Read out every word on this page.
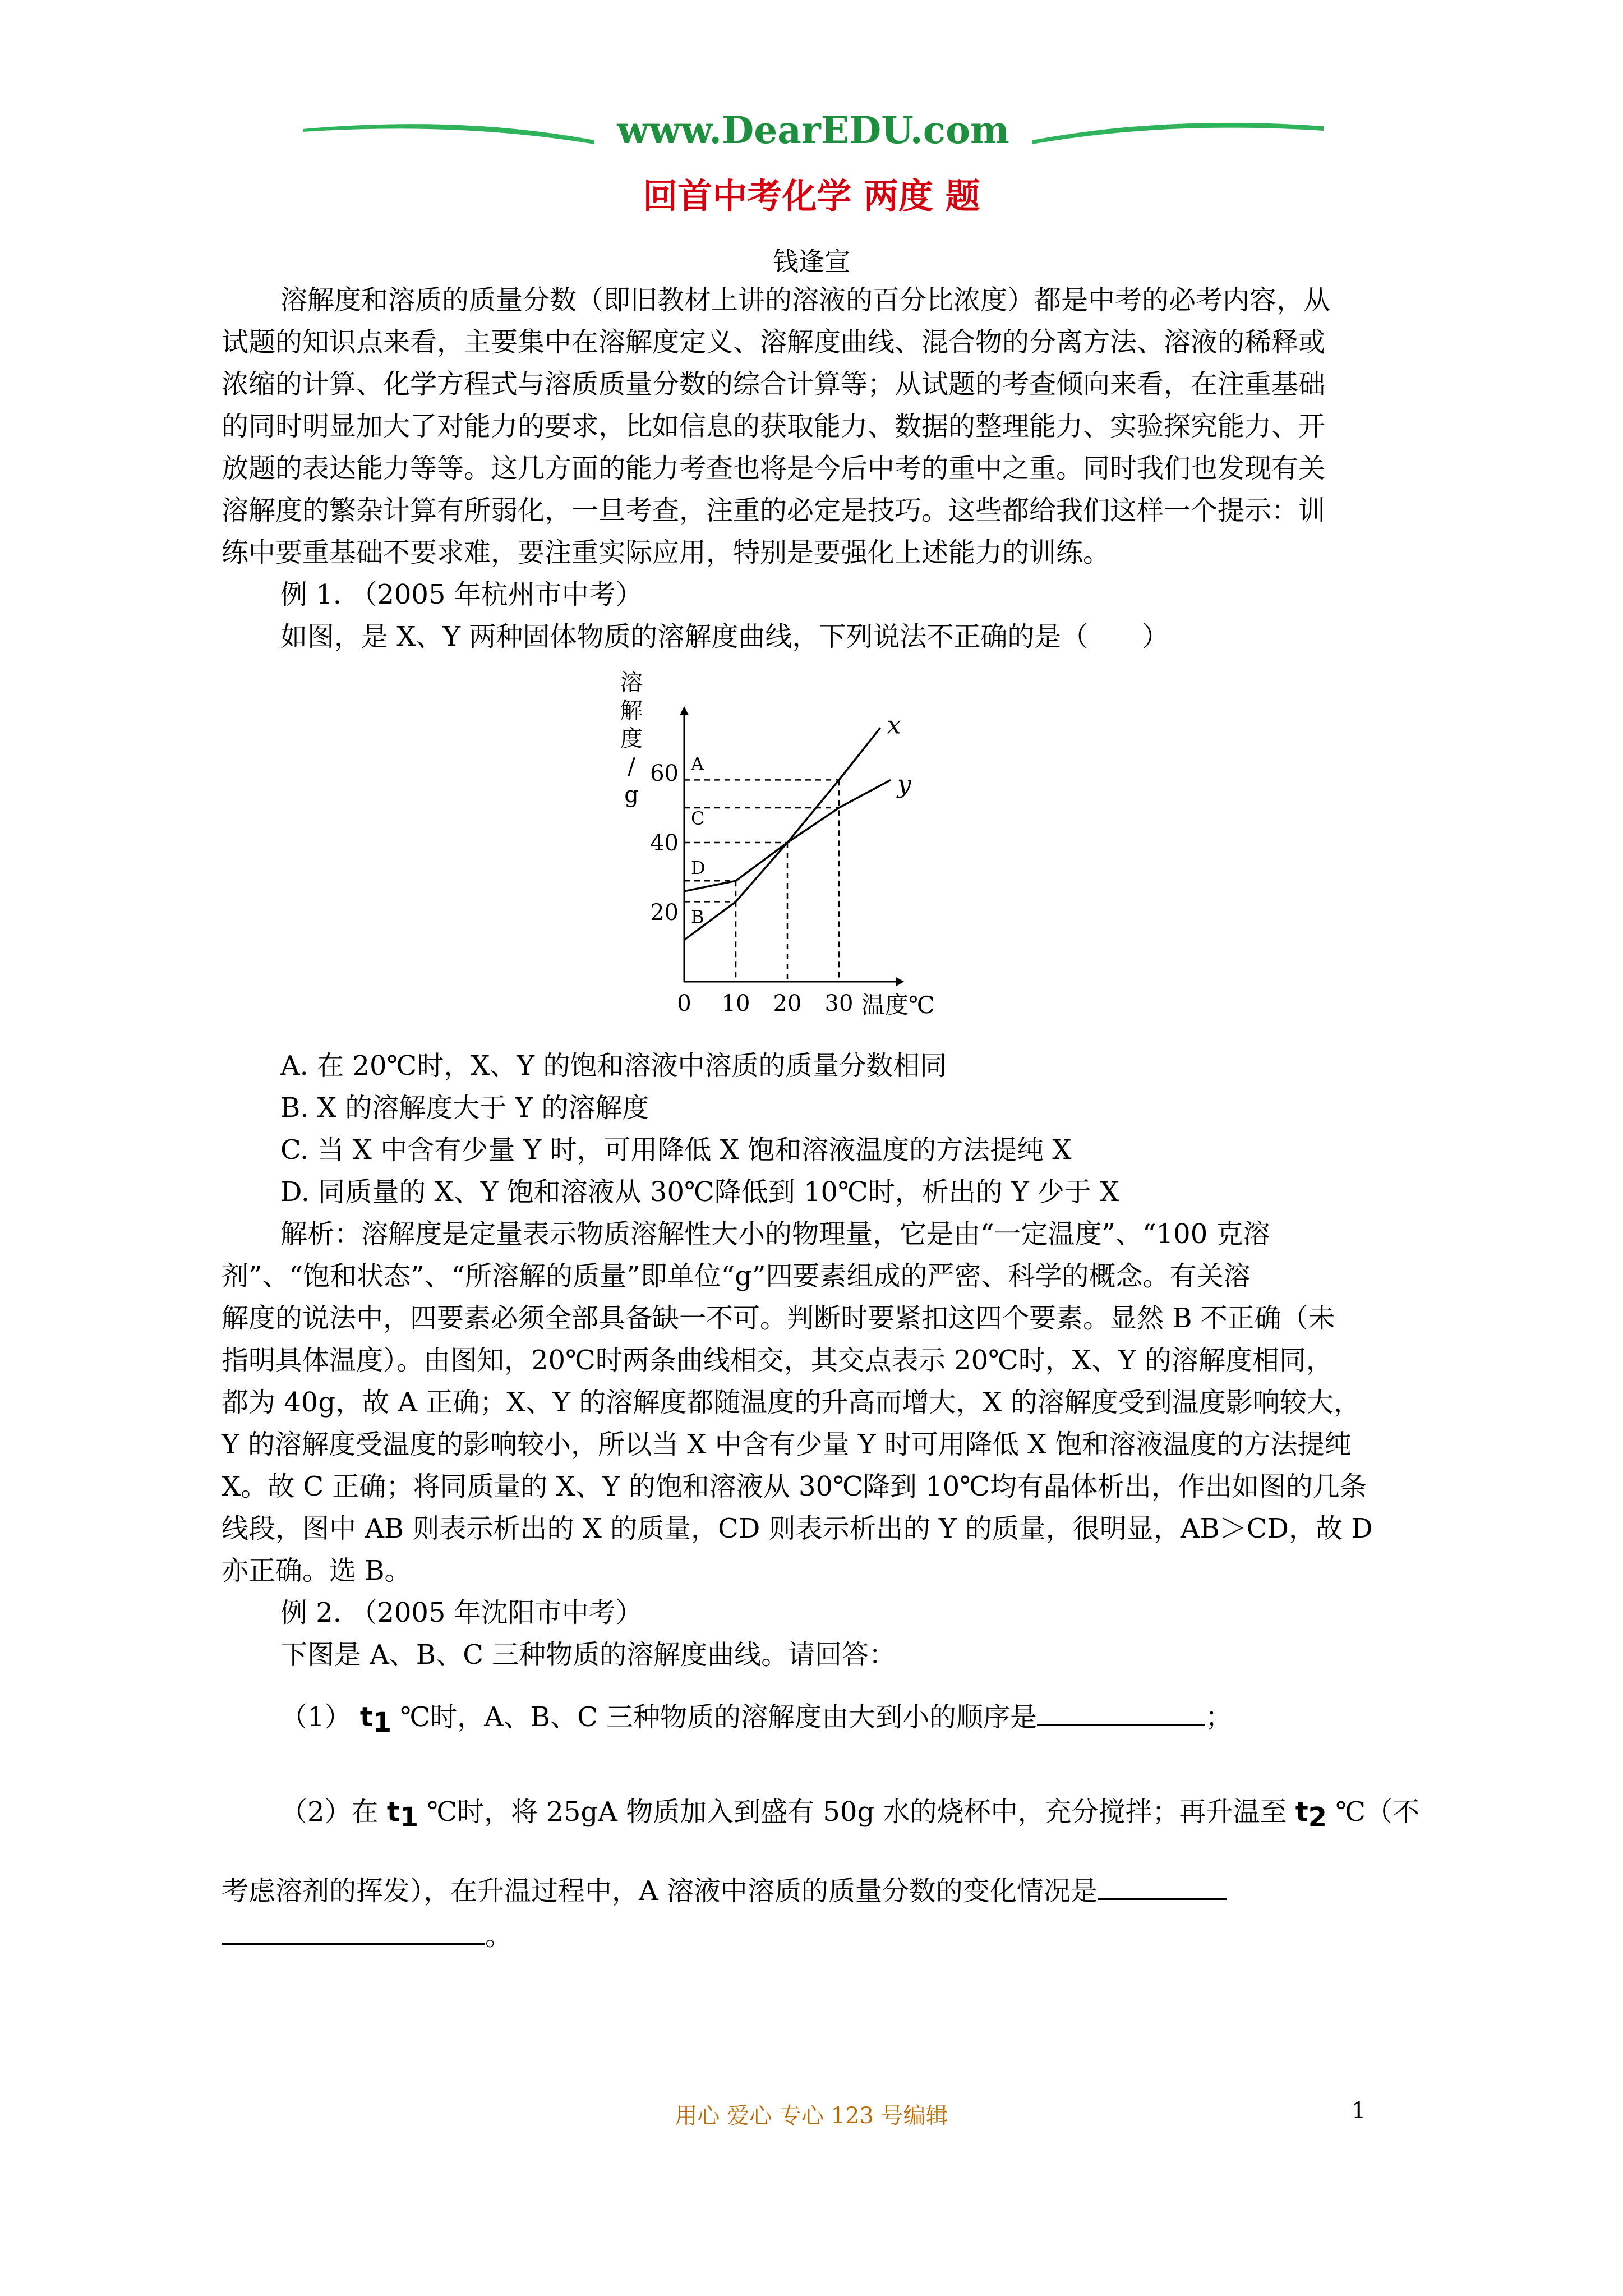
www.DearEDU.com
回首中考化学 两度 题
钱逢宣
溶解度和溶质的质量分数（即旧教材上讲的溶液的百分比浓度）都是中考的必考内容，从
试题的知识点来看，主要集中在溶解度定义、溶解度曲线、混合物的分离方法、溶液的稀释或
浓缩的计算、化学方程式与溶质质量分数的综合计算等；从试题的考查倾向来看，在注重基础
的同时明显加大了对能力的要求，比如信息的获取能力、数据的整理能力、实验探究能力、开
放题的表达能力等等。这几方面的能力考查也将是今后中考的重中之重。同时我们也发现有关
溶解度的繁杂计算有所弱化，一旦考查，注重的必定是技巧。这些都给我们这样一个提示：训
练中要重基础不要求难，要注重实际应用，特别是要强化上述能力的训练。
例 1. （2005 年杭州市中考）
如图，是 X、Y 两种固体物质的溶解度曲线，下列说法不正确的是（　　）
x
y
0 10 20 30
20
40
60 A
C
D
B
溶
解
度
/
g
温度℃
A. 在 20℃时，X、Y 的饱和溶液中溶质的质量分数相同
B. X 的溶解度大于 Y 的溶解度
C. 当 X 中含有少量 Y 时，可用降低 X 饱和溶液温度的方法提纯 X
D. 同质量的 X、Y 饱和溶液从 30℃降低到 10℃时，析出的 Y 少于 X
解析：溶解度是定量表示物质溶解性大小的物理量，它是由“一定温度”、“100 克溶
剂”、“饱和状态”、“所溶解的质量”即单位“g”四要素组成的严密、科学的概念。有关溶
解度的说法中，四要素必须全部具备缺一不可。判断时要紧扣这四个要素。显然 B 不正确（未
指明具体温度）。由图知，20℃时两条曲线相交，其交点表示 20℃时，X、Y 的溶解度相同，
都为 40g，故 A 正确；X、Y 的溶解度都随温度的升高而增大，X 的溶解度受到温度影响较大，
Y 的溶解度受温度的影响较小，所以当 X 中含有少量 Y 时可用降低 X 饱和溶液温度的方法提纯
X。故 C 正确；将同质量的 X、Y 的饱和溶液从 30℃降到 10℃均有晶体析出，作出如图的几条
线段，图中 AB 则表示析出的 X 的质量，CD 则表示析出的 Y 的质量，很明显，AB＞CD，故 D
亦正确。选 B。
例 2. （2005 年沈阳市中考）
下图是 A、B、C 三种物质的溶解度曲线。请回答：
（1） t1 ℃时，A、B、C 三种物质的溶解度由大到小的顺序是	；
（2）在 t1 ℃时，将 25gA 物质加入到盛有 50g 水的烧杯中，充分搅拌；再升温至 t2 ℃（不
考虑溶剂的挥发），在升温过程中，A 溶液中溶质的质量分数的变化情况是
。
用心 爱心 专心 123 号编辑	1
